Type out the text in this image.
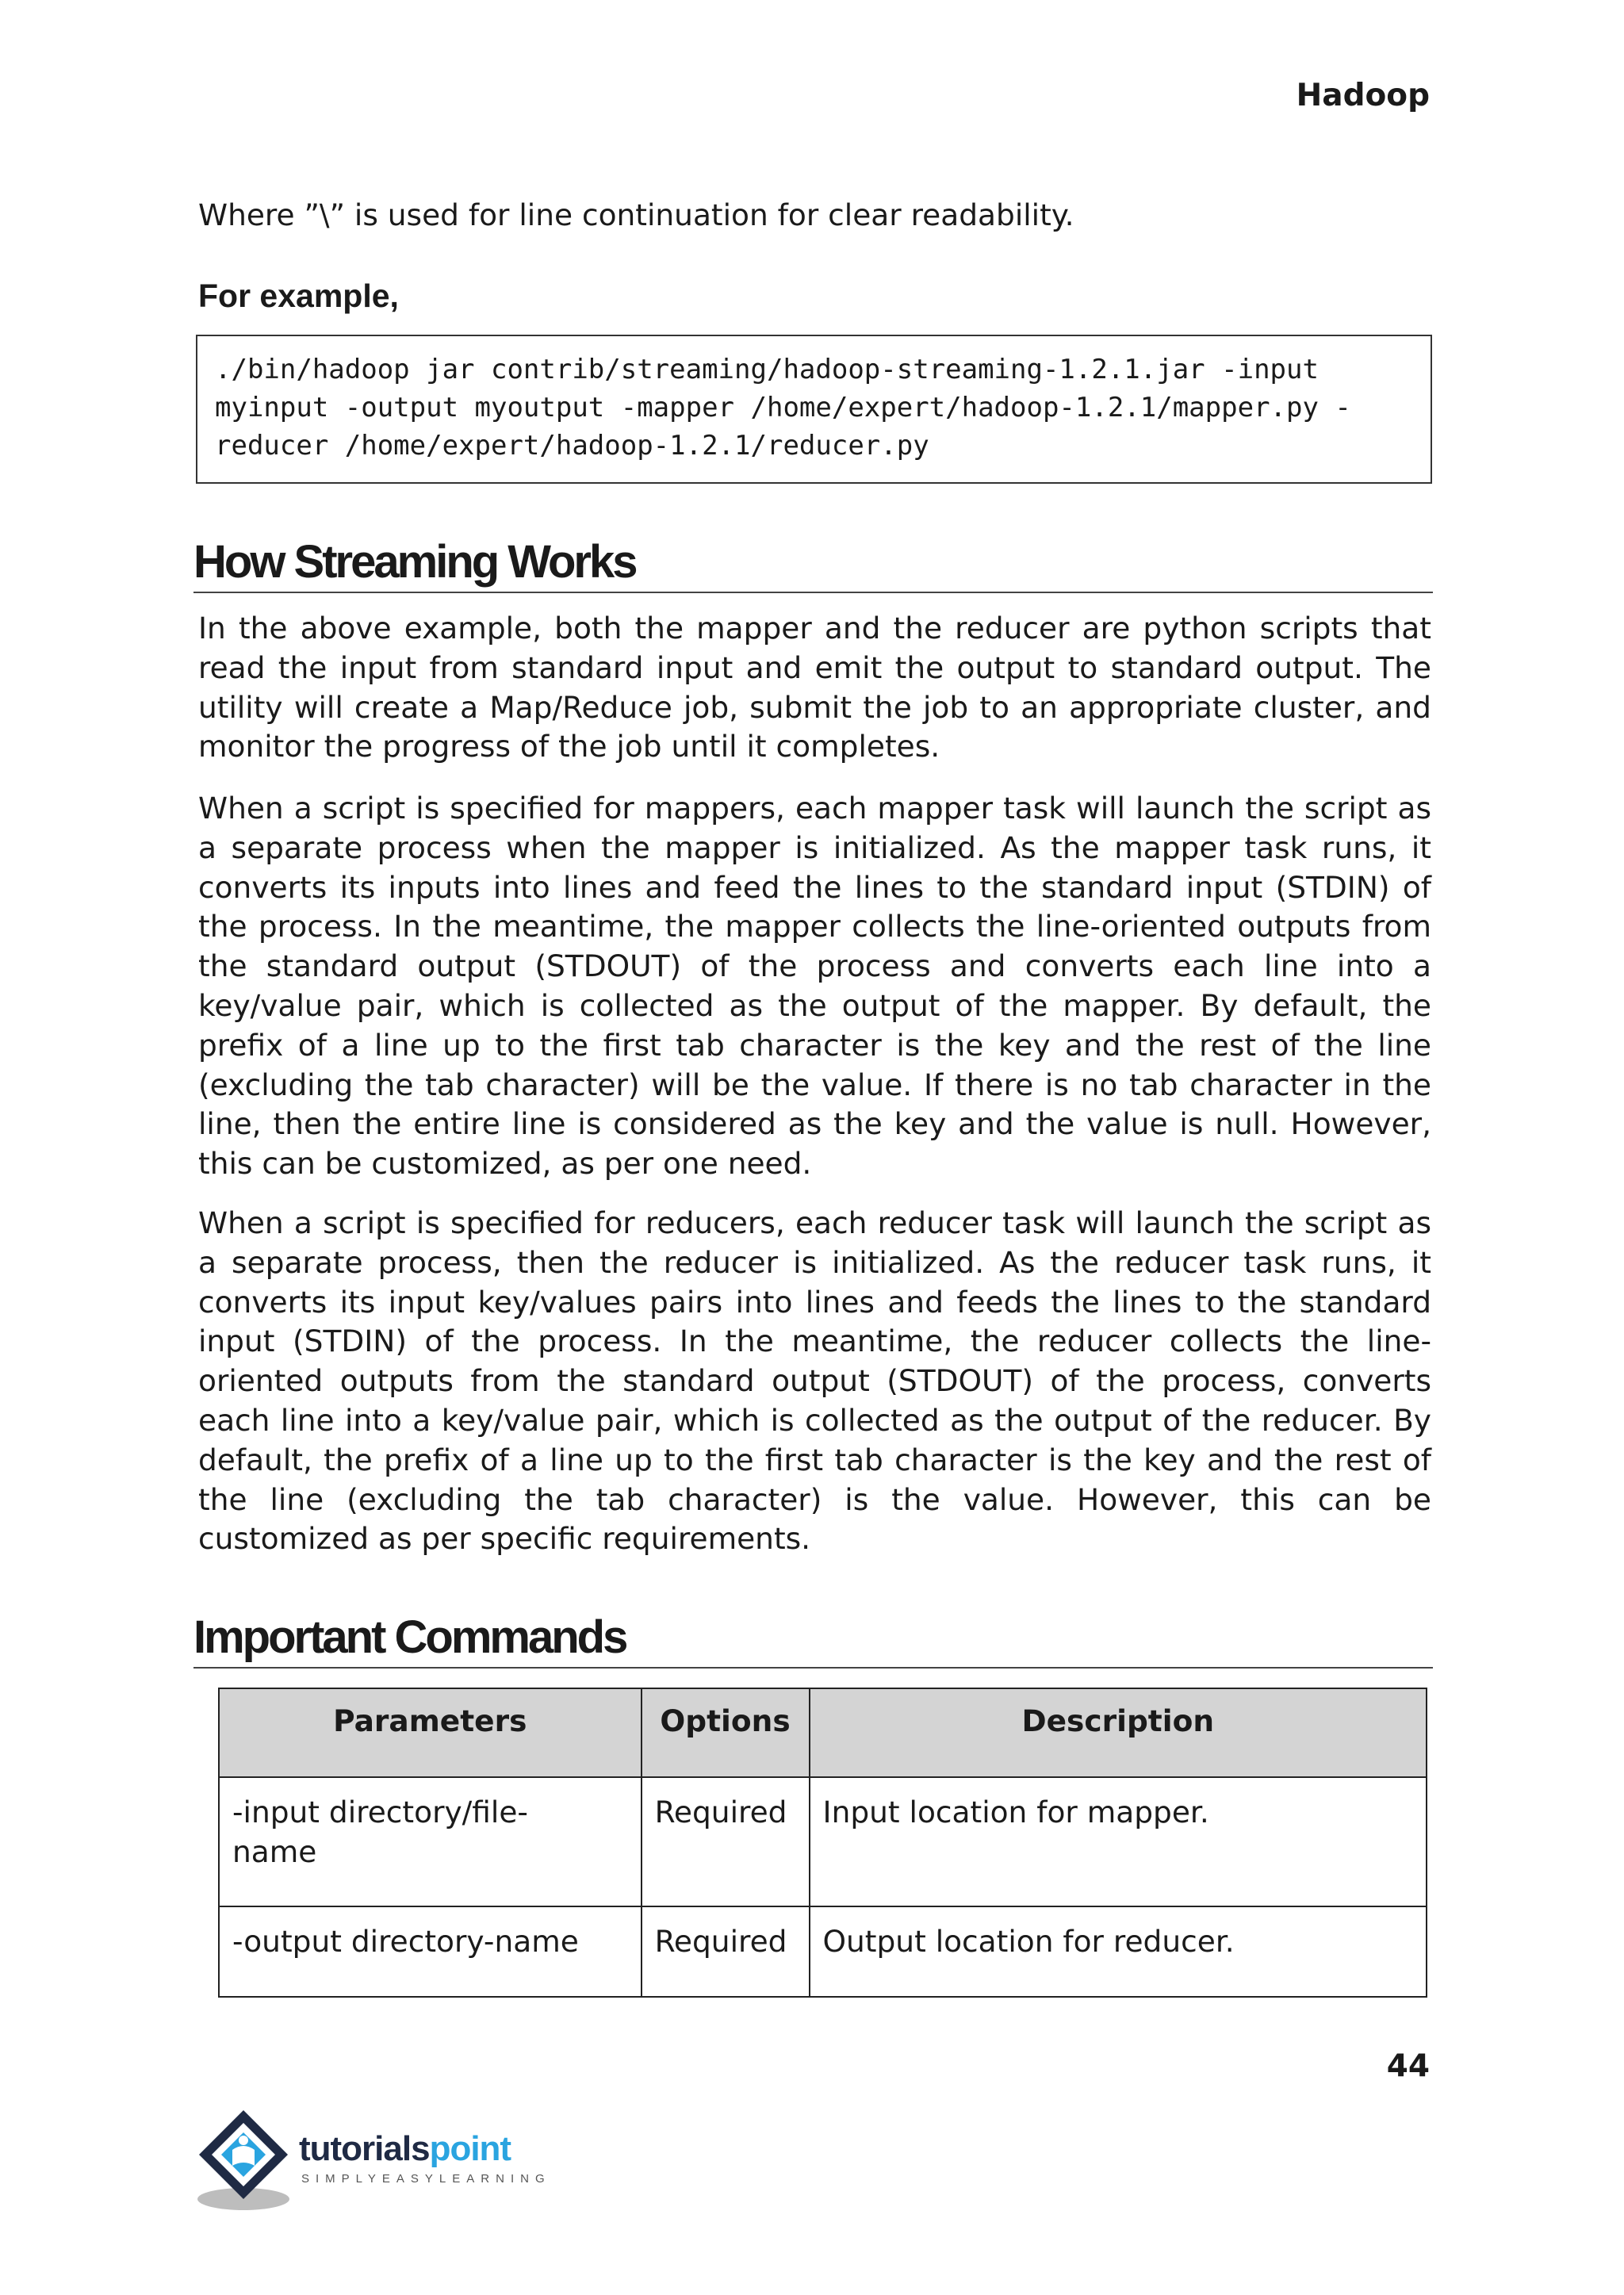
Hadoop

Where ”\” is used for line continuation for clear readability.

For example,
./bin/hadoop jar contrib/streaming/hadoop-streaming-1.2.1.jar -input
myinput -output myoutput -mapper /home/expert/hadoop-1.2.1/mapper.py -
reducer /home/expert/hadoop-1.2.1/reducer.py
How Streaming Works

In the above example, both the mapper and the reducer are python scripts that read the input from standard input and emit the output to standard output. The utility will create a Map/Reduce job, submit the job to an appropriate cluster, and monitor the progress of the job until it completes.

When a script is specified for mappers, each mapper task will launch the script as a separate process when the mapper is initialized. As the mapper task runs, it converts its inputs into lines and feed the lines to the standard input (STDIN) of the process. In the meantime, the mapper collects the line-oriented outputs from the standard output (STDOUT) of the process and converts each line into a key/value pair, which is collected as the output of the mapper. By default, the prefix of a line up to the first tab character is the key and the rest of the line (excluding the tab character) will be the value. If there is no tab character in the line, then the entire line is considered as the key and the value is null. However, this can be customized, as per one need.

When a script is specified for reducers, each reducer task will launch the script as a separate process, then the reducer is initialized. As the reducer task runs, it converts its input key/values pairs into lines and feeds the lines to the standard input (STDIN) of the process. In the meantime, the reducer collects the line-oriented outputs from the standard output (STDOUT) of the process, converts each line into a key/value pair, which is collected as the output of the reducer. By default, the prefix of a line up to the first tab character is the key and the rest of the line (excluding the tab character) is the value. However, this can be customized as per specific requirements.

Important Commands
Parameters	Options	Description
-input directory/file-name	Required	Input location for mapper.
-output directory-name	Required	Output location for reducer.
44
tutorialspoint
SIMPLYEASYLEARNING
